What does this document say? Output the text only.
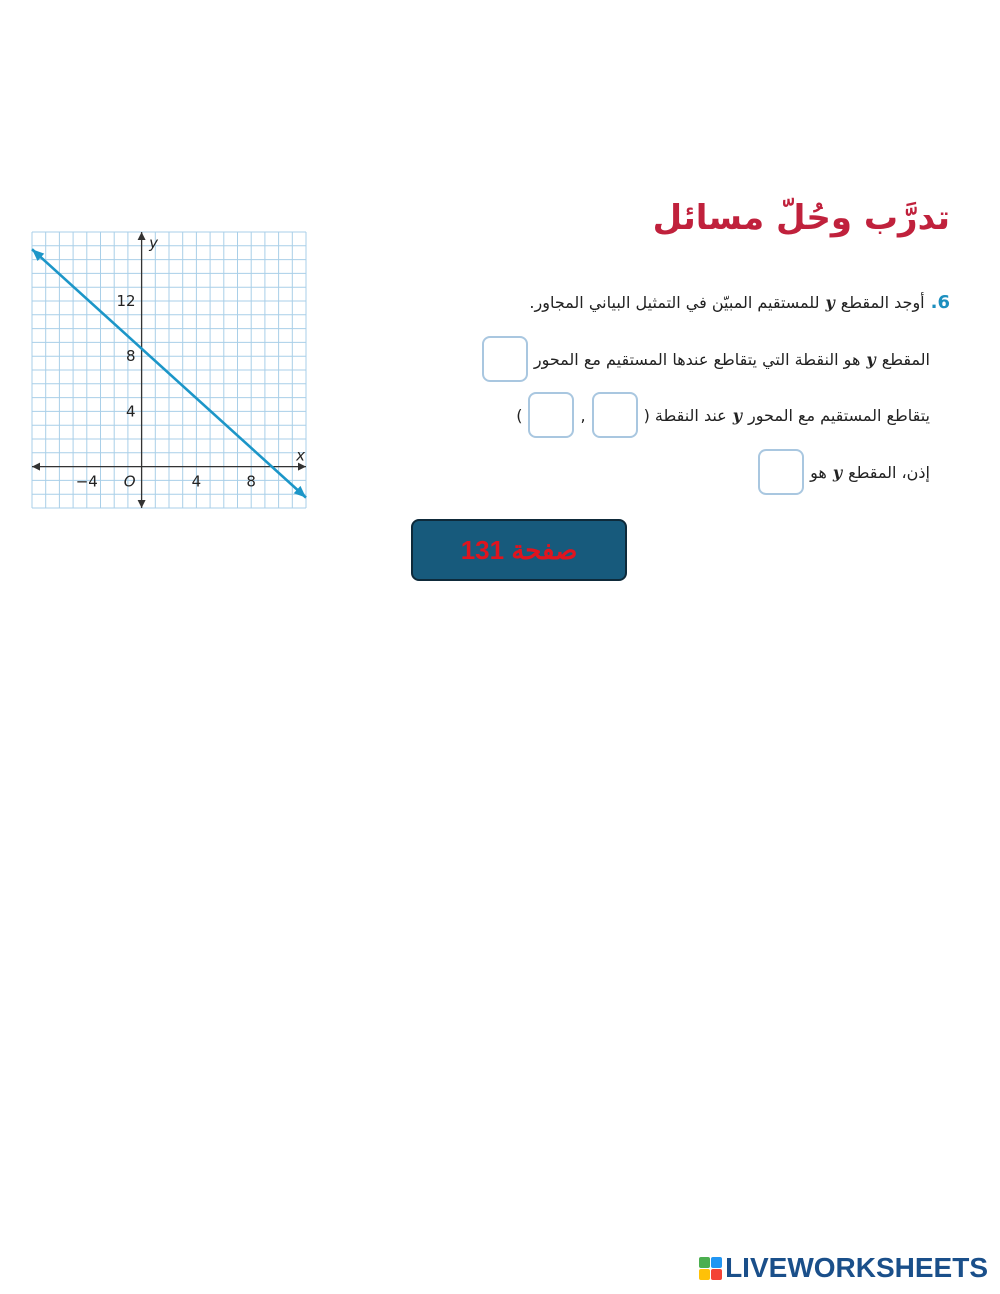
تدرَّب وحُلّ مسائل
6.
أوجد المقطع
y
للمستقيم المبيّن في التمثيل البياني المجاور.
المقطع
y
هو النقطة التي يتقاطع عندها المستقيم مع المحور
يتقاطع المستقيم مع المحور
y
عند النقطة (
,
)
إذن، المقطع
y
هو
صفحة 131
−4	4	8
4
8
12
O
x
y
LIVEWORKSHEETS
